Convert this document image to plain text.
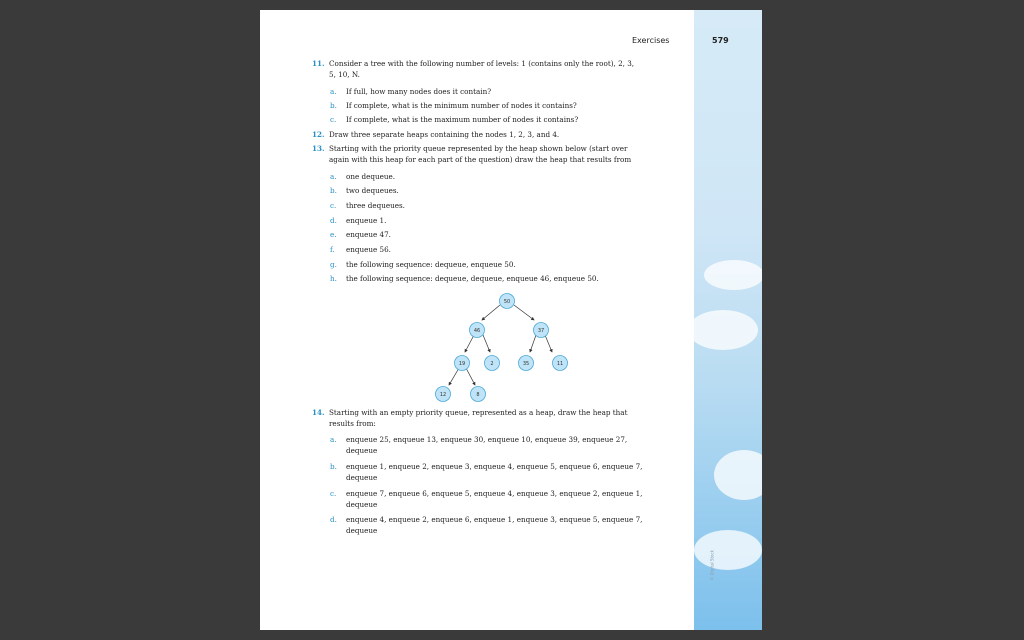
Exercises	579
11. Consider a tree with the following number of levels: 1 (contains only the root), 2, 3,
5, 10, N.
a. If full, how many nodes does it contain?
b. If complete, what is the minimum number of nodes it contains?
c. If complete, what is the maximum number of nodes it contains?
12. Draw three separate heaps containing the nodes 1, 2, 3, and 4.
13. Starting with the priority queue represented by the heap shown below (start over
again with this heap for each part of the question) draw the heap that results from
a. one dequeue.
b. two dequeues.
c. three dequeues.
d. enqueue 1.
e. enqueue 47.
f. enqueue 56.
g. the following sequence: dequeue, enqueue 50.
h. the following sequence: dequeue, dequeue, enqueue 46, enqueue 50.
14. Starting with an empty priority queue, represented as a heap, draw the heap that
results from:
a. enqueue 25, enqueue 13, enqueue 30, enqueue 10, enqueue 39, enqueue 27,
dequeue
b. enqueue 1, enqueue 2, enqueue 3, enqueue 4, enqueue 5, enqueue 6, enqueue 7,
dequeue
c. enqueue 7, enqueue 6, enqueue 5, enqueue 4, enqueue 3, enqueue 2, enqueue 1,
dequeue
d. enqueue 4, enqueue 2, enqueue 6, enqueue 1, enqueue 3, enqueue 5, enqueue 7,
dequeue
50
46	37
19	2	35	11
12	8
© Digital Stock
